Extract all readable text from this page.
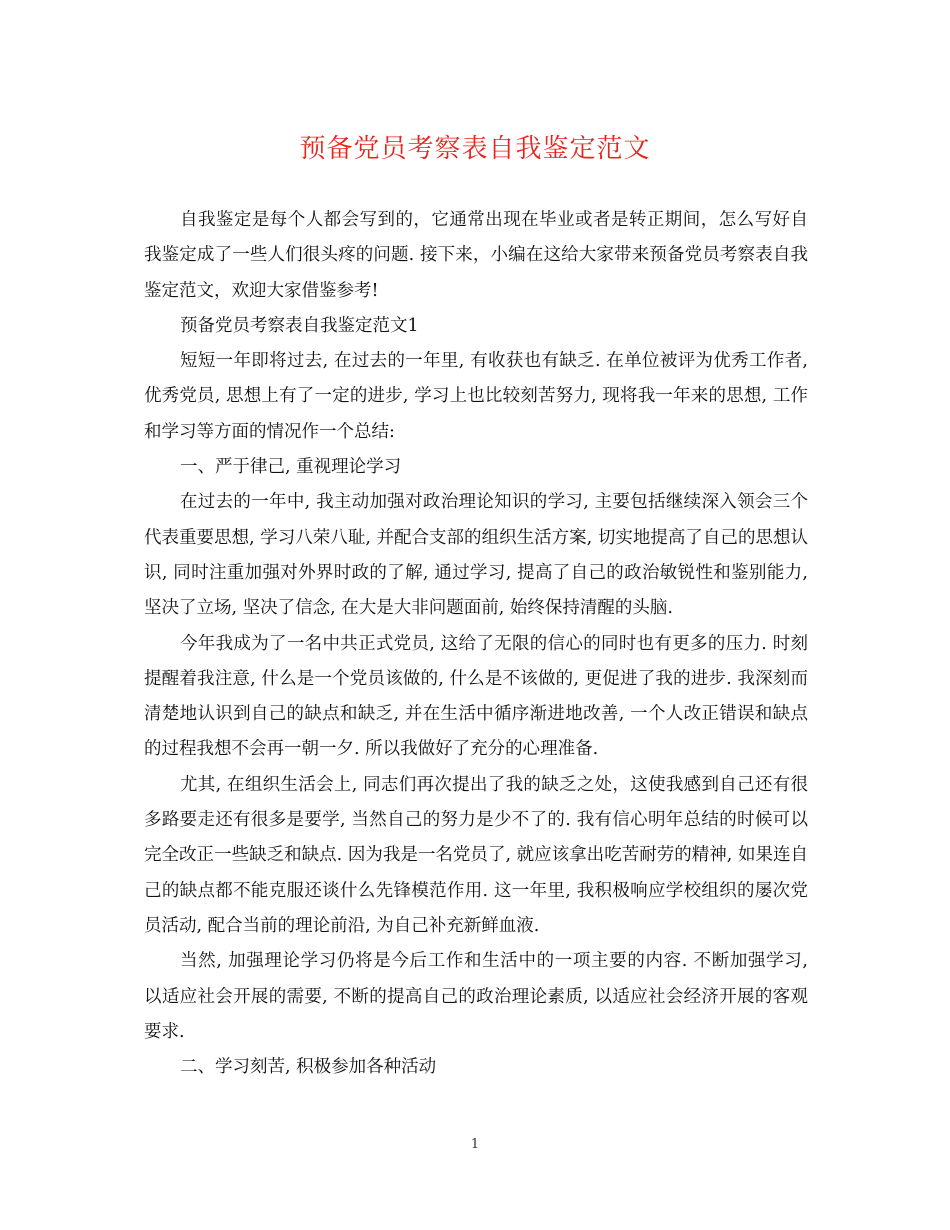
预备党员考察表自我鉴定范文

自我鉴定是每个人都会写到的，它通常出现在毕业或者是转正期间，怎么写好自我鉴定成了一些人们很头疼的问题. 接下来，小编在这给大家带来预备党员考察表自我鉴定范文，欢迎大家借鉴参考!

预备党员考察表自我鉴定范文1

短短一年即将过去, 在过去的一年里, 有收获也有缺乏. 在单位被评为优秀工作者, 优秀党员, 思想上有了一定的进步, 学习上也比较刻苦努力, 现将我一年来的思想, 工作和学习等方面的情况作一个总结:

一、严于律己, 重视理论学习

在过去的一年中, 我主动加强对政治理论知识的学习, 主要包括继续深入领会三个代表重要思想, 学习八荣八耻, 并配合支部的组织生活方案, 切实地提高了自己的思想认识, 同时注重加强对外界时政的了解, 通过学习, 提高了自己的政治敏锐性和鉴别能力, 坚决了立场, 坚决了信念, 在大是大非问题面前, 始终保持清醒的头脑.

今年我成为了一名中共正式党员, 这给了无限的信心的同时也有更多的压力. 时刻提醒着我注意, 什么是一个党员该做的, 什么是不该做的, 更促进了我的进步. 我深刻而清楚地认识到自己的缺点和缺乏, 并在生活中循序渐进地改善, 一个人改正错误和缺点的过程我想不会再一朝一夕. 所以我做好了充分的心理准备.

尤其, 在组织生活会上, 同志们再次提出了我的缺乏之处，这使我感到自己还有很多路要走还有很多是要学, 当然自己的努力是少不了的. 我有信心明年总结的时候可以完全改正一些缺乏和缺点. 因为我是一名党员了, 就应该拿出吃苦耐劳的精神, 如果连自己的缺点都不能克服还谈什么先锋模范作用. 这一年里, 我积极响应学校组织的屡次党员活动, 配合当前的理论前沿, 为自己补充新鲜血液.

当然, 加强理论学习仍将是今后工作和生活中的一项主要的内容. 不断加强学习, 以适应社会开展的需要, 不断的提高自己的政治理论素质, 以适应社会经济开展的客观要求.

二、学习刻苦, 积极参加各种活动

1
